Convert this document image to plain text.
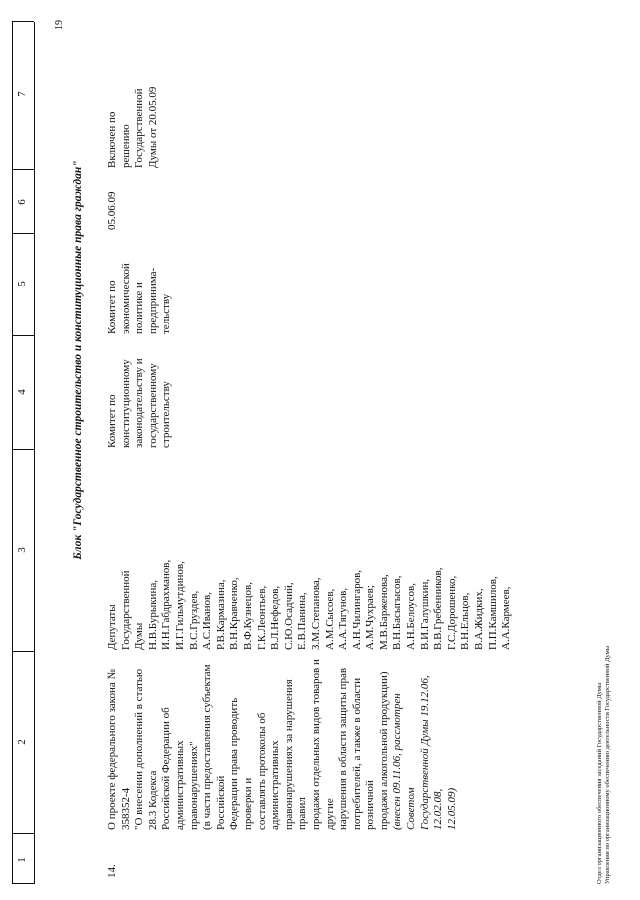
1
2
3
4
5
6
7
19
Блок "Государственное строительство и конституционные права граждан"
14.
О проекте федерального закона № 358352-4 "О внесении дополнений в статью 28.3 Кодекса Российской Федерации об административных правонарушениях" (в части предоставления субъектам Российской Федерации права проводить проверки и составлять протоколы об административных правонарушениях за нарушения правил продажи отдельных видов товаров и другие нарушения в области защиты прав потребителей, а также в области розничной продажи алкогольной продукции) (внесен 09.11.06, рассмотрен Советом Государственной Думы 19.12.06, 12.02.08, 12.05.09)
Депутаты Государственной Думы Н.В.Бурыкина, И.Н.Габдрахманов, И.Г.Гильмутдинов, В.С.Груздев, А.С.Иванов, Р.В.Кармазина, В.Н.Кравченко, В.Ф.Кузнецов, Г.К.Леонтьев, В.Л.Нефедов, С.Ю.Осадчий, Е.В.Панина, З.М.Степанова, А.М.Сысоев, А.А.Тягунов, А.Н.Чилингаров, А.М.Чухраев; М.В.Барженова, В.Н.Басыгысов, А.Н.Белоусов, В.И.Галушкин, В.В.Гребенников, Г.С.Дорошенко, В.Н.Ельцов, В.А.Жидких, П.П.Камшилов, А.А.Кармеев,
Комитет по конституционному законодательству и государственному строительству
Комитет по экономической политике и предпринима- тельству
05.06.09
Включен по решению Государственной Думы от 20.05.09
Отдел организационного обеспечения заседаний Государственной Думы Управления по организационному обеспечению деятельности Государственной Думы
